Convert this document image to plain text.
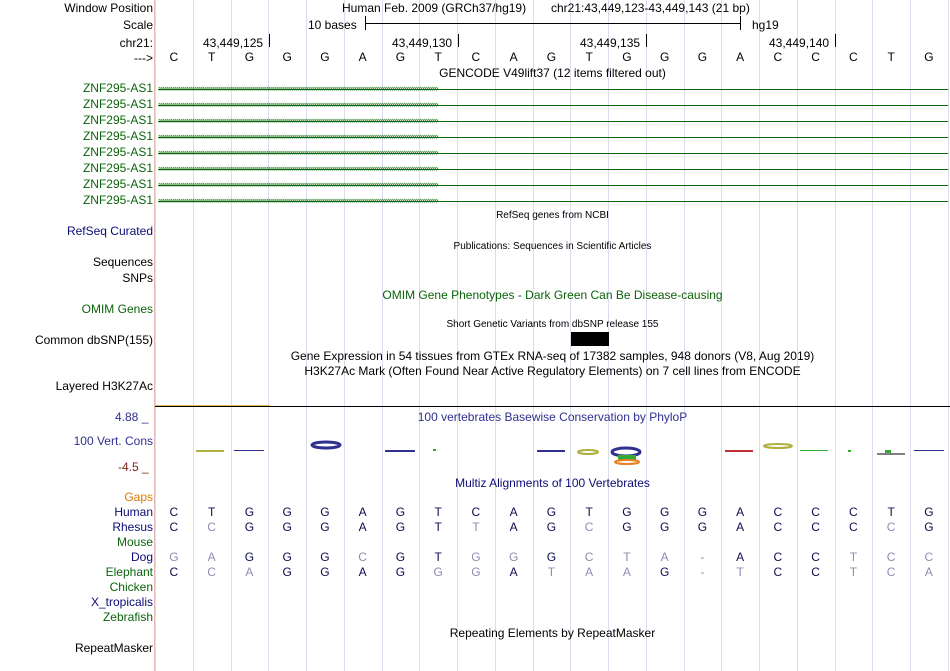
Window Position
Scale
chr21:
--->
Human Feb. 2009 (GRCh37/hg19) chr21:43,449,123-43,449,143 (21 bp)
10 bases	hg19
43,449,125	43,449,130	43,449,135	43,449,140
C T G G G A G T C A G T G G G A C C C T G
GENCODE V49lift37 (12 items filtered out)
ZNF295-AS1 ››››››››››››››››››››››››››››››››››››››››››››››››››››››››››››››››››››››››››››››››››››››››››››››››››››››››››››››››››››››››››››››››››››››››››››
ZNF295-AS1 ››››››››››››››››››››››››››››››››››››››››››››››››››››››››››››››››››››››››››››››››››››››››››››››››››››››››››››››››››››››››››››››››››››››››››››
ZNF295-AS1 ››››››››››››››››››››››››››››››››››››››››››››››››››››››››››››››››››››››››››››››››››››››››››››››››››››››››››››››››››››››››››››››››››››››››››››
ZNF295-AS1 ››››››››››››››››››››››››››››››››››››››››››››››››››››››››››››››››››››››››››››››››››››››››››››››››››››››››››››››››››››››››››››››››››››››››››››
ZNF295-AS1 ››››››››››››››››››››››››››››››››››››››››››››››››››››››››››››››››››››››››››››››››››››››››››››››››››››››››››››››››››››››››››››››››››››››››››››
ZNF295-AS1 ››››››››››››››››››››››››››››››››››››››››››››››››››››››››››››››››››››››››››››››››››››››››››››››››››››››››››››››››››››››››››››››››››››››››››››
ZNF295-AS1 ››››››››››››››››››››››››››››››››››››››››››››››››››››››››››››››››››››››››››››››››››››››››››››››››››››››››››››››››››››››››››››››››››››››››››››
ZNF295-AS1 ››››››››››››››››››››››››››››››››››››››››››››››››››››››››››››››››››››››››››››››››››››››››››››››››››››››››››››››››››››››››››››››››››››››››››››
RefSeq genes from NCBI
RefSeq Curated
Publications: Sequences in Scientific Articles
Sequences
SNPs
OMIM Gene Phenotypes - Dark Green Can Be Disease-causing
OMIM Genes
Short Genetic Variants from dbSNP release 155
Common dbSNP(155)
Gene Expression in 54 tissues from GTEx RNA-seq of 17382 samples, 948 donors (V8, Aug 2019)
H3K27Ac Mark (Often Found Near Active Regulatory Elements) on 7 cell lines from ENCODE
Layered H3K27Ac
100 vertebrates Basewise Conservation by PhyloP
4.88 _
100 Vert. Cons
-4.5 _
Multiz Alignments of 100 Vertebrates
Gaps
Human C T G G G A G T C A G T G G G A C C C T G
Rhesus C C G G G A G T	T	A G C G G G A C C C C G
Mouse
Dog G A G G G C G T G G G C T	A	-	A C C T C C
Elephant C C A G G A G G G A	T	A A G	-	T C C T C A
Chicken
X_tropicalis
Zebrafish
Repeating Elements by RepeatMasker
RepeatMasker
